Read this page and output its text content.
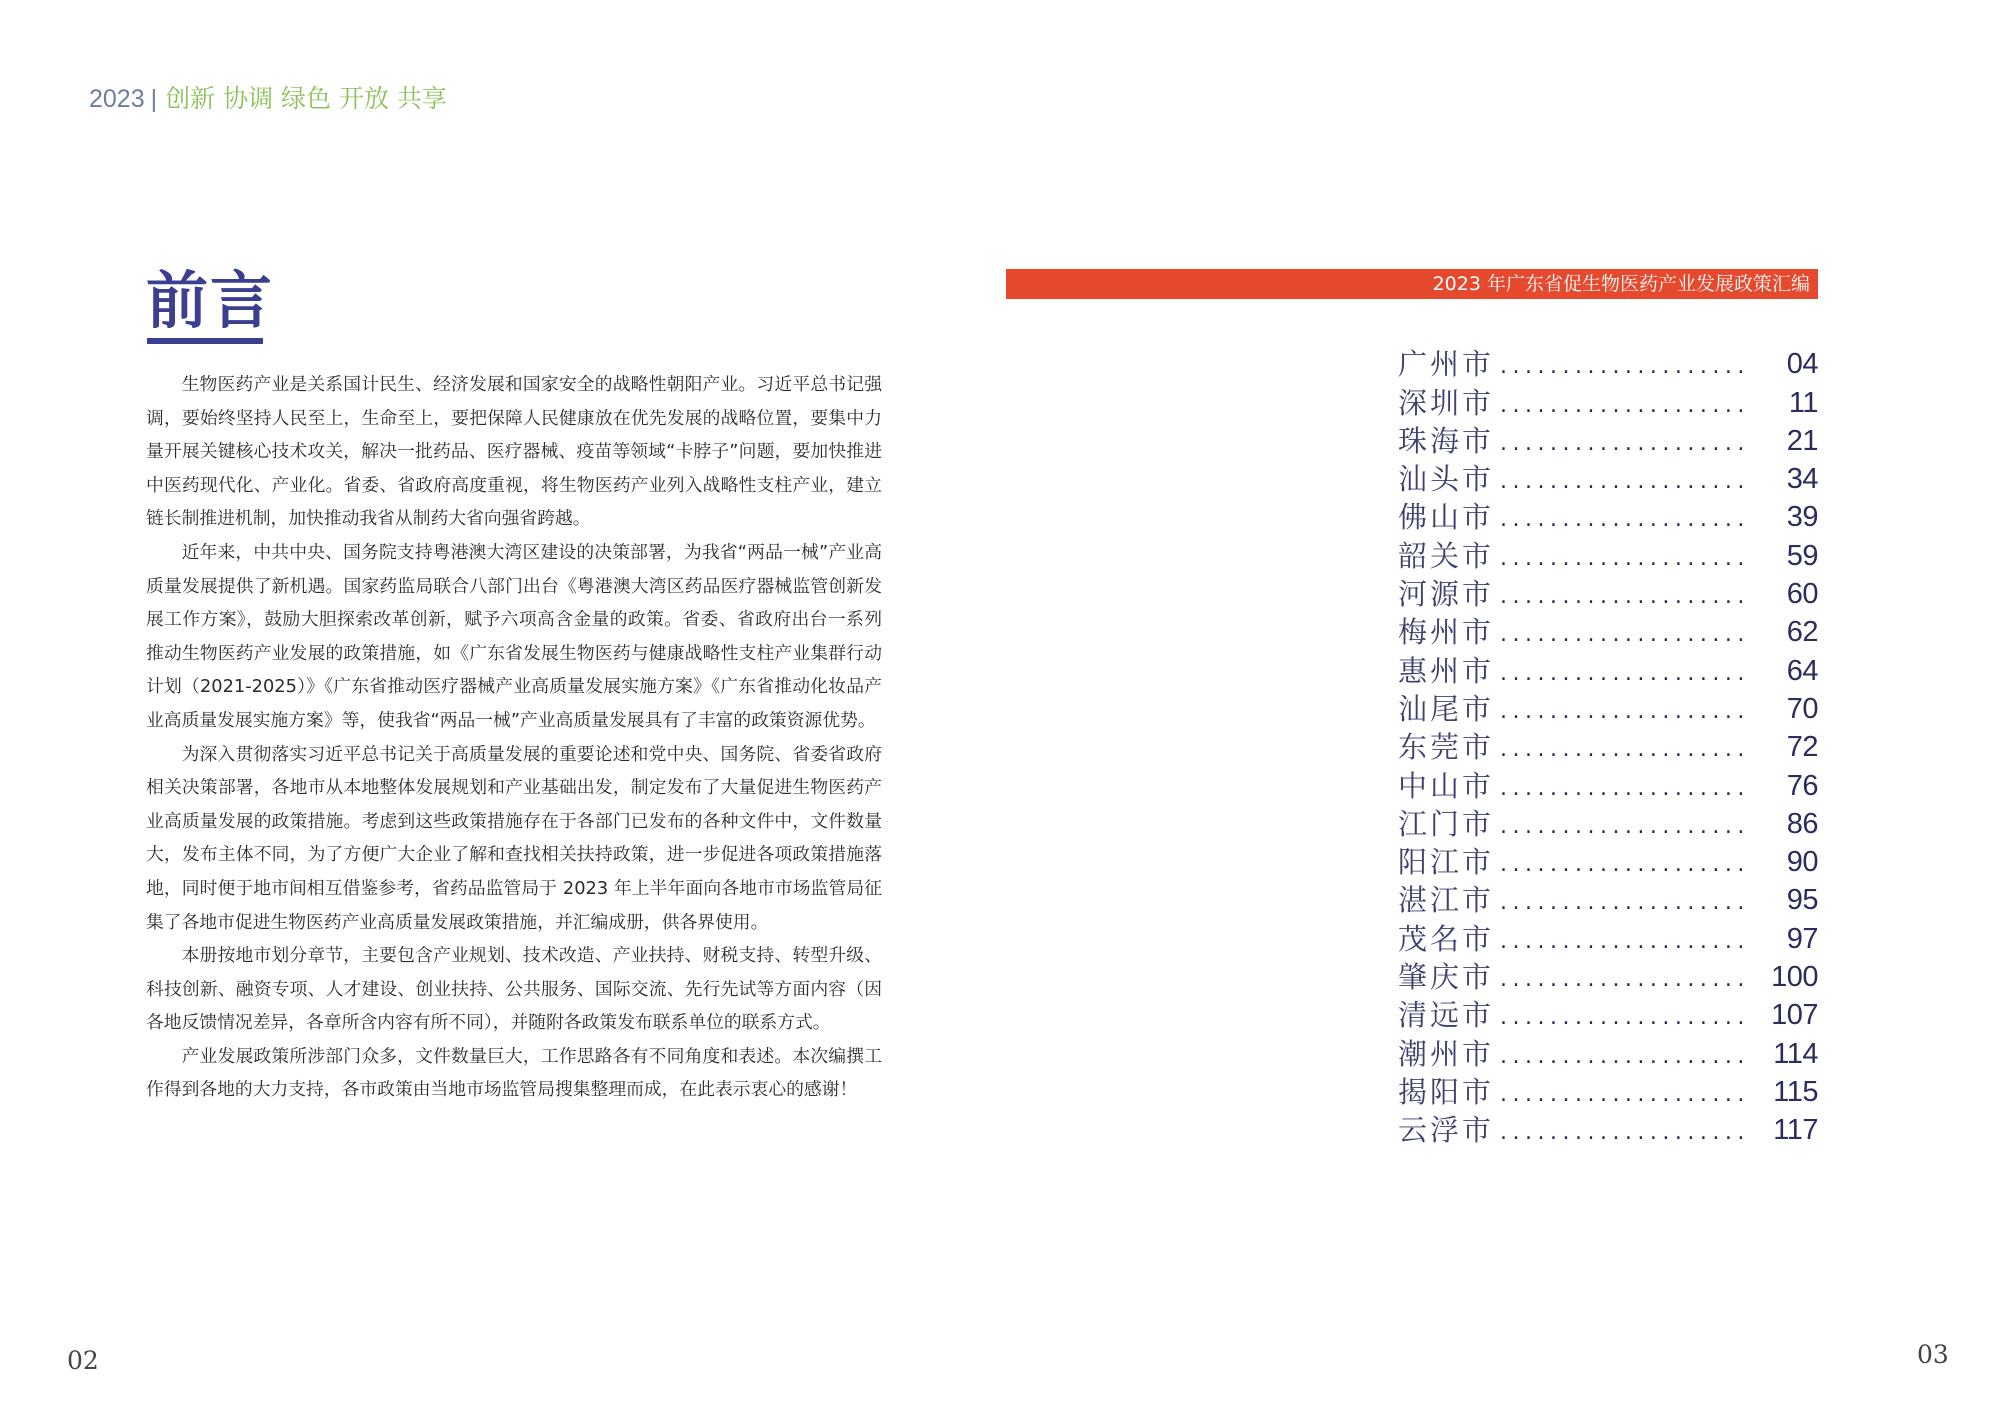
2023 | 创新 协调 绿色 开放 共享
前言

生物医药产业是关系国计民生、经济发展和国家安全的战略性朝阳产业。习近平总书记强调，要始终坚持人民至上，生命至上，要把保障人民健康放在优先发展的战略位置，要集中力量开展关键核心技术攻关，解决一批药品、医疗器械、疫苗等领域“卡脖子”问题，要加快推进中医药现代化、产业化。省委、省政府高度重视，将生物医药产业列入战略性支柱产业，建立链长制推进机制，加快推动我省从制药大省向强省跨越。

近年来，中共中央、国务院支持粤港澳大湾区建设的决策部署，为我省“两品一械”产业高质量发展提供了新机遇。国家药监局联合八部门出台《粤港澳大湾区药品医疗器械监管创新发展工作方案》，鼓励大胆探索改革创新，赋予六项高含金量的政策。省委、省政府出台一系列推动生物医药产业发展的政策措施，如《广东省发展生物医药与健康战略性支柱产业集群行动计划（2021-2025）》《广东省推动医疗器械产业高质量发展实施方案》《广东省推动化妆品产业高质量发展实施方案》等，使我省“两品一械”产业高质量发展具有了丰富的政策资源优势。

为深入贯彻落实习近平总书记关于高质量发展的重要论述和党中央、国务院、省委省政府相关决策部署，各地市从本地整体发展规划和产业基础出发，制定发布了大量促进生物医药产业高质量发展的政策措施。考虑到这些政策措施存在于各部门已发布的各种文件中，文件数量大，发布主体不同，为了方便广大企业了解和查找相关扶持政策，进一步促进各项政策措施落地，同时便于地市间相互借鉴参考，省药品监管局于 2023 年上半年面向各地市市场监管局征集了各地市促进生物医药产业高质量发展政策措施，并汇编成册，供各界使用。

本册按地市划分章节，主要包含产业规划、技术改造、产业扶持、财税支持、转型升级、科技创新、融资专项、人才建设、创业扶持、公共服务、国际交流、先行先试等方面内容（因各地反馈情况差异，各章所含内容有所不同），并随附各政策发布联系单位的联系方式。

产业发展政策所涉部门众多，文件数量巨大，工作思路各有不同角度和表述。本次编撰工作得到各地的大力支持，各市政策由当地市场监管局搜集整理而成，在此表示衷心的感谢！

02	03
2023 年广东省促生物医药产业发展政策汇编
广州市 ....................	04
深圳市 ....................	11
珠海市 ....................	21
汕头市 ....................	34
佛山市 ....................	39
韶关市 ....................	59
河源市 ....................	60
梅州市 ....................	62
惠州市 ....................	64
汕尾市 ....................	70
东莞市 ....................	72
中山市 ....................	76
江门市 ....................	86
阳江市 ....................	90
湛江市 ....................	95
茂名市 ....................	97
肇庆市 .................... 100
清远市 .................... 107
潮州市 .................... 114
揭阳市 .................... 115
云浮市 .................... 117
